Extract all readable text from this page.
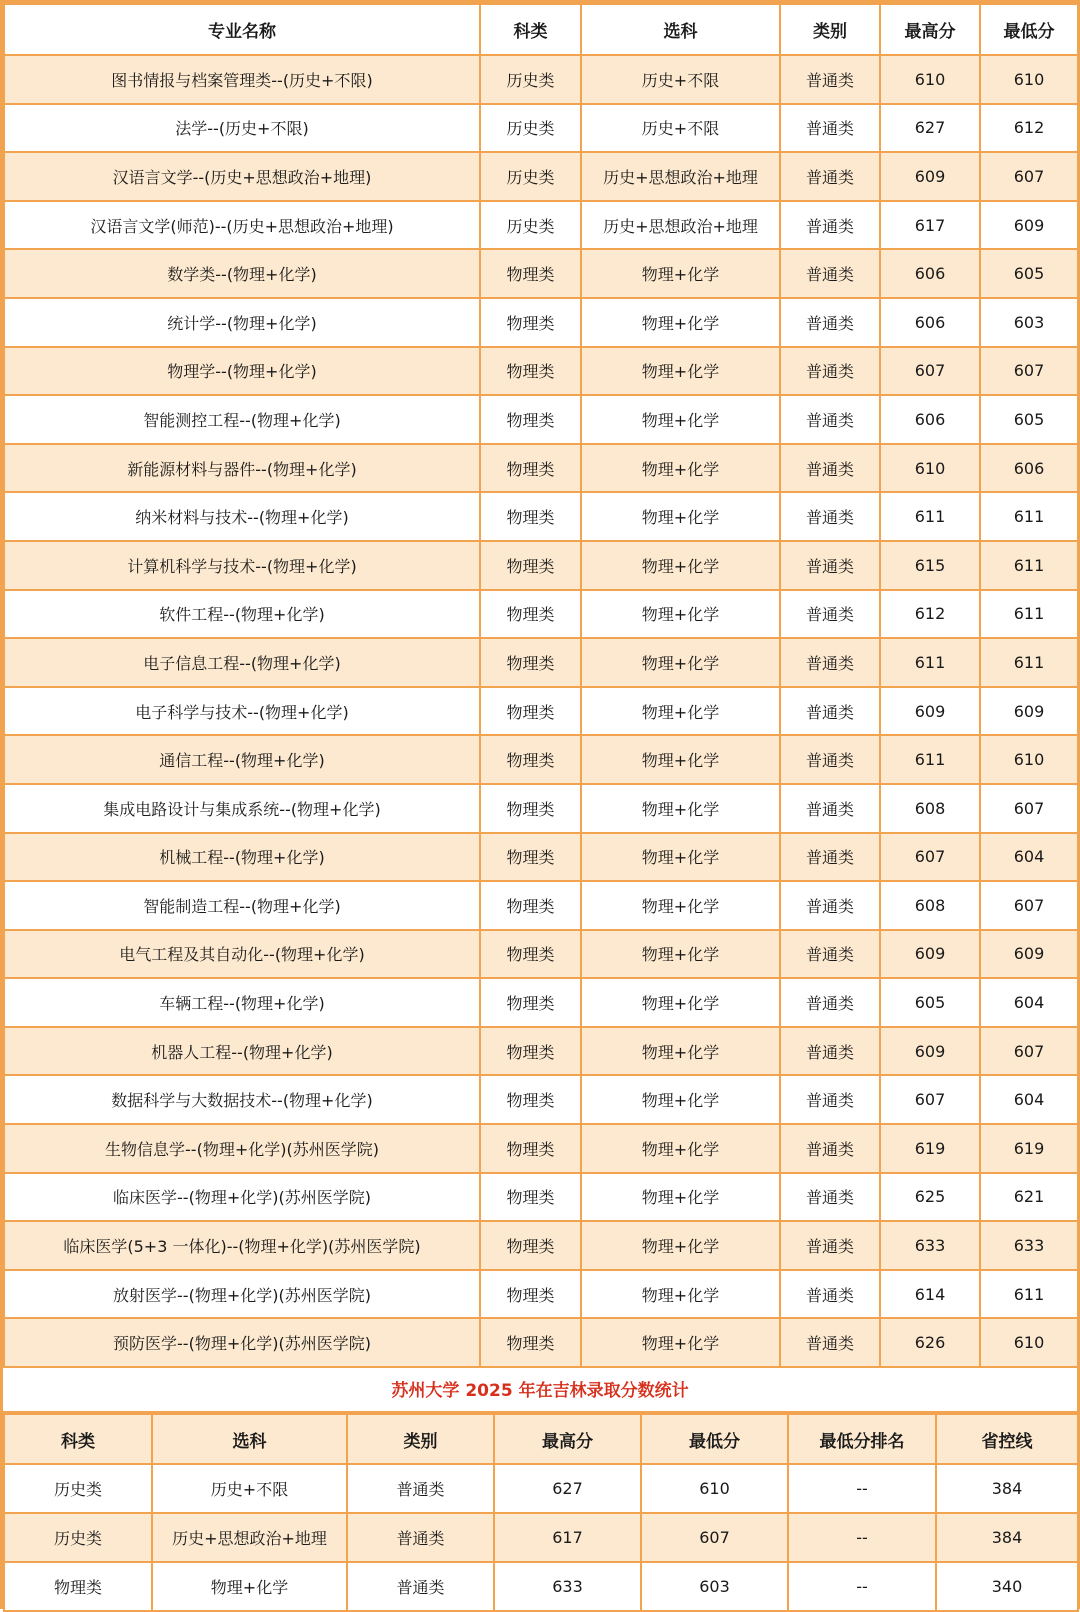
专业名称	科类	选科	类别	最高分	最低分
图书情报与档案管理类--(历史+不限)	历史类	历史+不限	普通类	610	610
法学--(历史+不限)	历史类	历史+不限	普通类	627	612
汉语言文学--(历史+思想政治+地理)	历史类	历史+思想政治+地理	普通类	609	607
汉语言文学(师范)--(历史+思想政治+地理)	历史类	历史+思想政治+地理	普通类	617	609
数学类--(物理+化学)	物理类	物理+化学	普通类	606	605
统计学--(物理+化学)	物理类	物理+化学	普通类	606	603
物理学--(物理+化学)	物理类	物理+化学	普通类	607	607
智能测控工程--(物理+化学)	物理类	物理+化学	普通类	606	605
新能源材料与器件--(物理+化学)	物理类	物理+化学	普通类	610	606
纳米材料与技术--(物理+化学)	物理类	物理+化学	普通类	611	611
计算机科学与技术--(物理+化学)	物理类	物理+化学	普通类	615	611
软件工程--(物理+化学)	物理类	物理+化学	普通类	612	611
电子信息工程--(物理+化学)	物理类	物理+化学	普通类	611	611
电子科学与技术--(物理+化学)	物理类	物理+化学	普通类	609	609
通信工程--(物理+化学)	物理类	物理+化学	普通类	611	610
集成电路设计与集成系统--(物理+化学)	物理类	物理+化学	普通类	608	607
机械工程--(物理+化学)	物理类	物理+化学	普通类	607	604
智能制造工程--(物理+化学)	物理类	物理+化学	普通类	608	607
电气工程及其自动化--(物理+化学)	物理类	物理+化学	普通类	609	609
车辆工程--(物理+化学)	物理类	物理+化学	普通类	605	604
机器人工程--(物理+化学)	物理类	物理+化学	普通类	609	607
数据科学与大数据技术--(物理+化学)	物理类	物理+化学	普通类	607	604
生物信息学--(物理+化学)(苏州医学院)	物理类	物理+化学	普通类	619	619
临床医学--(物理+化学)(苏州医学院)	物理类	物理+化学	普通类	625	621
临床医学(5+3 一体化)--(物理+化学)(苏州医学院)	物理类	物理+化学	普通类	633	633
放射医学--(物理+化学)(苏州医学院)	物理类	物理+化学	普通类	614	611
预防医学--(物理+化学)(苏州医学院)	物理类	物理+化学	普通类	626	610
苏州大学 2025 年在吉林录取分数统计
科类	选科	类别	最高分	最低分	最低分排名	省控线
历史类	历史+不限	普通类	627	610	--	384
历史类	历史+思想政治+地理	普通类	617	607	--	384
物理类	物理+化学	普通类	633	603	--	340
